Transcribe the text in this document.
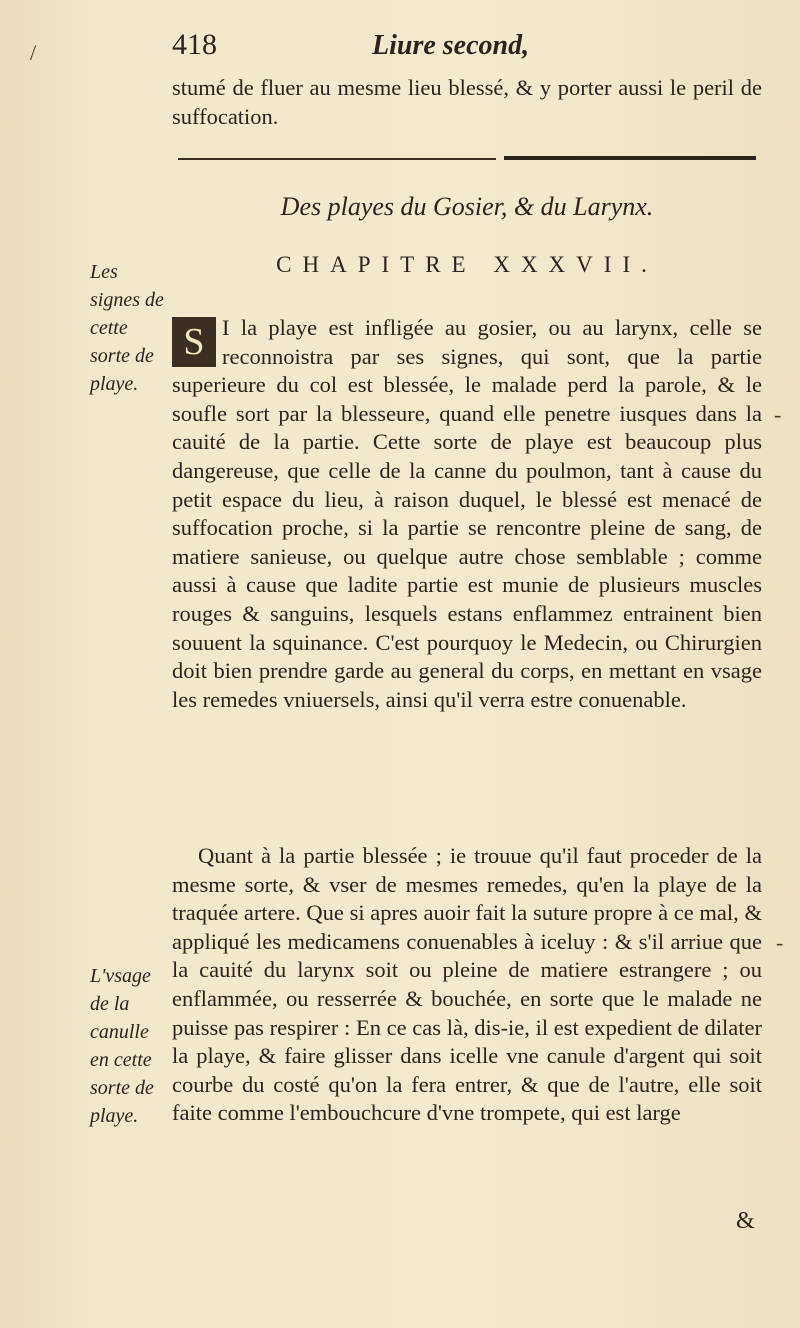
418	Liure second,
stumé de fluer au mesme lieu blessé, & y porter aussi le peril de suffocation.
Des playes du Gosier, & du Larynx.
CHAPITRE XXXVII.
Les signes de cette sorte de playe.
S I la playe est infligée au gosier, ou au larynx, celle se reconnoistra par ses signes, qui sont, que la partie superieure du col est blessée, le malade perd la parole, & le soufle sort par la blesseure, quand elle penetre iusques dans la cauité de la partie. Cette sorte de playe est beaucoup plus dangereuse, que celle de la canne du poulmon, tant à cause du petit espace du lieu, à raison duquel, le blessé est menacé de suffocation proche, si la partie se rencontre pleine de sang, de matiere sanieuse, ou quelque autre chose semblable ; comme aussi à cause que ladite partie est munie de plusieurs muscles rouges & sanguins, lesquels estans enflammez entrainent bien souuent la squinance. C'est pourquoy le Medecin, ou Chirurgien doit bien prendre garde au general du corps, en mettant en vsage les remedes vniuersels, ainsi qu'il verra estre conuenable.
Quant à la partie blessée ; ie trouue qu'il faut proceder de la mesme sorte, & vser de mesmes remedes, qu'en la playe de la traquée artere. Que si apres auoir fait la suture propre à ce mal, & appliqué les medicamens conuenables à iceluy : & s'il arriue que la cauité du larynx soit ou pleine de matiere estrangere ; ou enflammée, ou resserrée & bouchée, en sorte que le malade ne puisse pas respirer : En ce cas là, dis-ie, il est expedient de dilater la playe, & faire glisser dans icelle vne canule d'argent qui soit courbe du costé qu'on la fera entrer, & que de l'autre, elle soit faite comme l'embouchcure d'vne trompete, qui est large
L'vsage de la canulle en cette sorte de playe.
&
/
-
-
